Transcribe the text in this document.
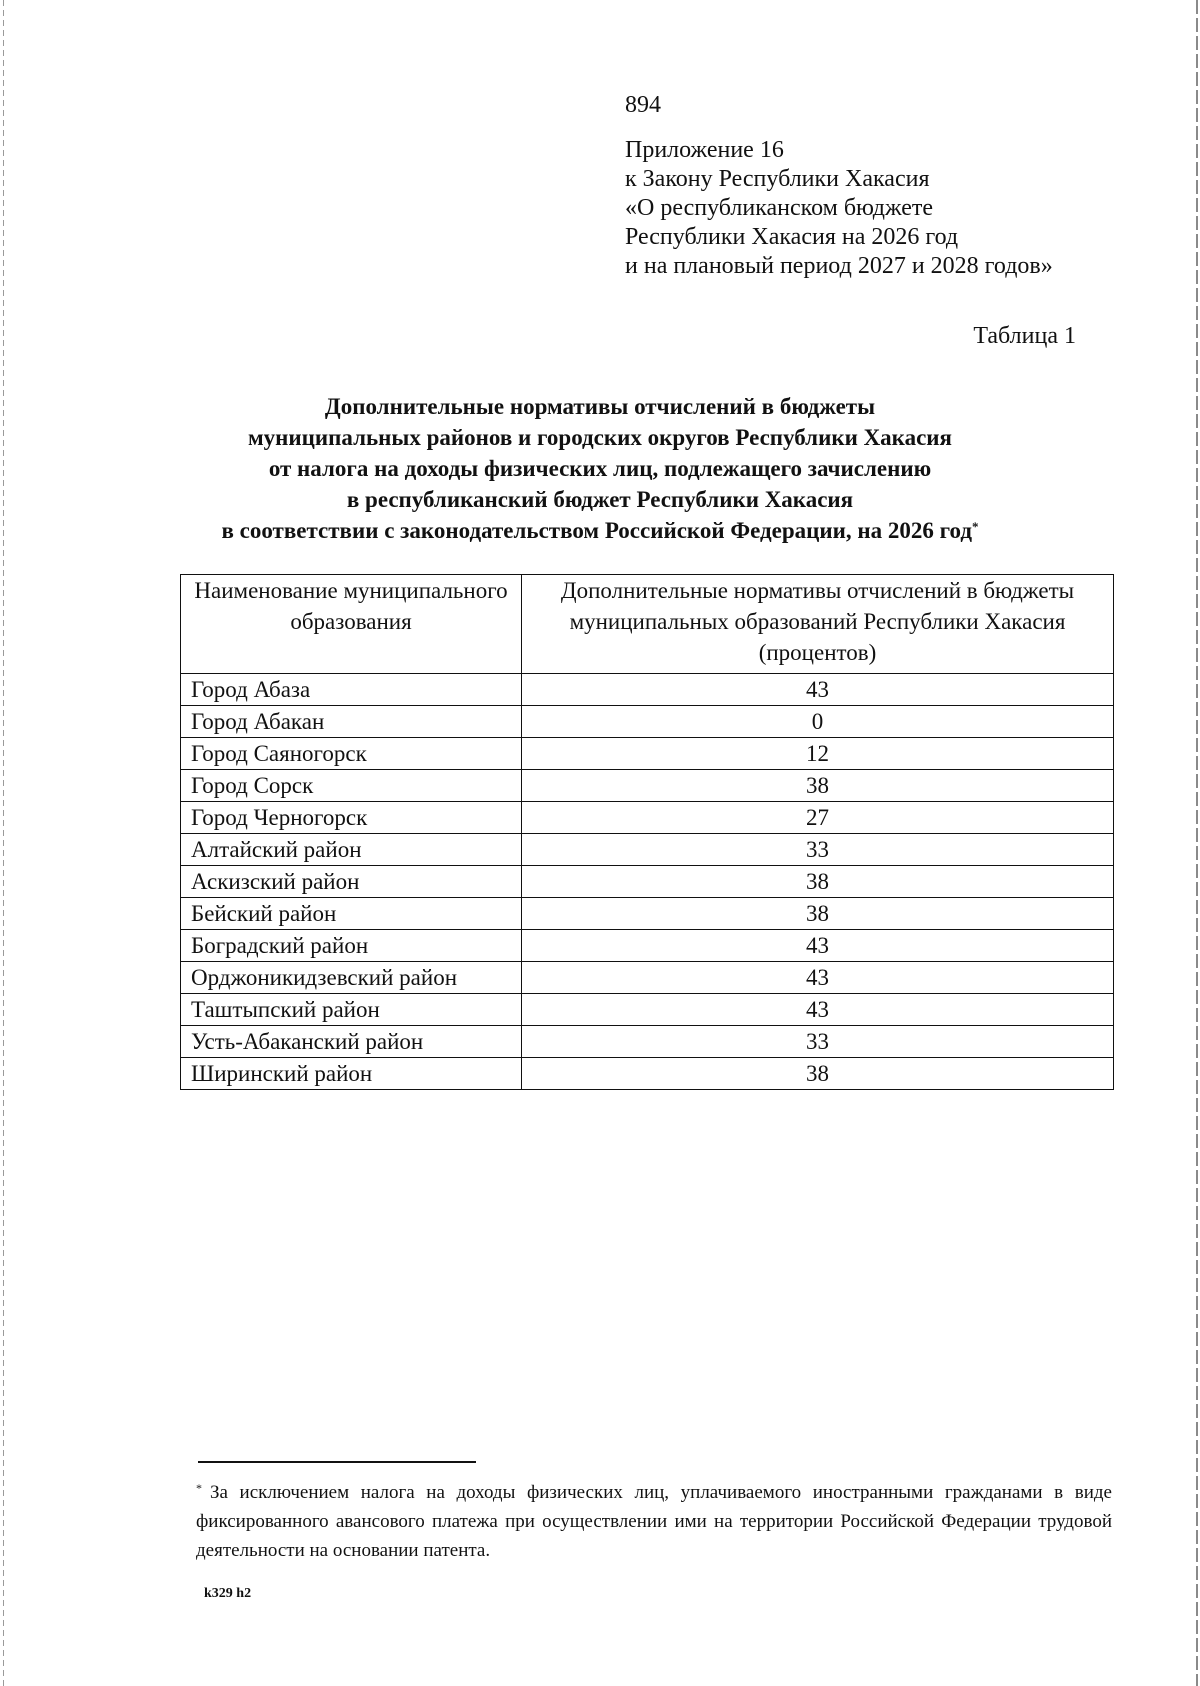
894
Приложение 16
к Закону Республики Хакасия
«О республиканском бюджете
Республики Хакасия на 2026 год
и на плановый период 2027 и 2028 годов»
Таблица 1
Дополнительные нормативы отчислений в бюджеты
муниципальных районов и городских округов Республики Хакасия
от налога на доходы физических лиц, подлежащего зачислению
в республиканский бюджет Республики Хакасия
в соответствии с законодательством Российской Федерации, на 2026 год*
Наименование муниципального образования	Дополнительные нормативы отчислений в бюджеты муниципальных образований Республики Хакасия (процентов)
Город Абаза	43
Город Абакан	0
Город Саяногорск	12
Город Сорск	38
Город Черногорск	27
Алтайский район	33
Аскизский район	38
Бейский район	38
Боградский район	43
Орджоникидзевский район	43
Таштыпский район	43
Усть-Абаканский район	33
Ширинский район	38
* За исключением налога на доходы физических лиц, уплачиваемого иностранными гражданами в виде фиксированного авансового платежа при осуществлении ими на территории Российской Федерации трудовой деятельности на основании патента.
k329 h2
